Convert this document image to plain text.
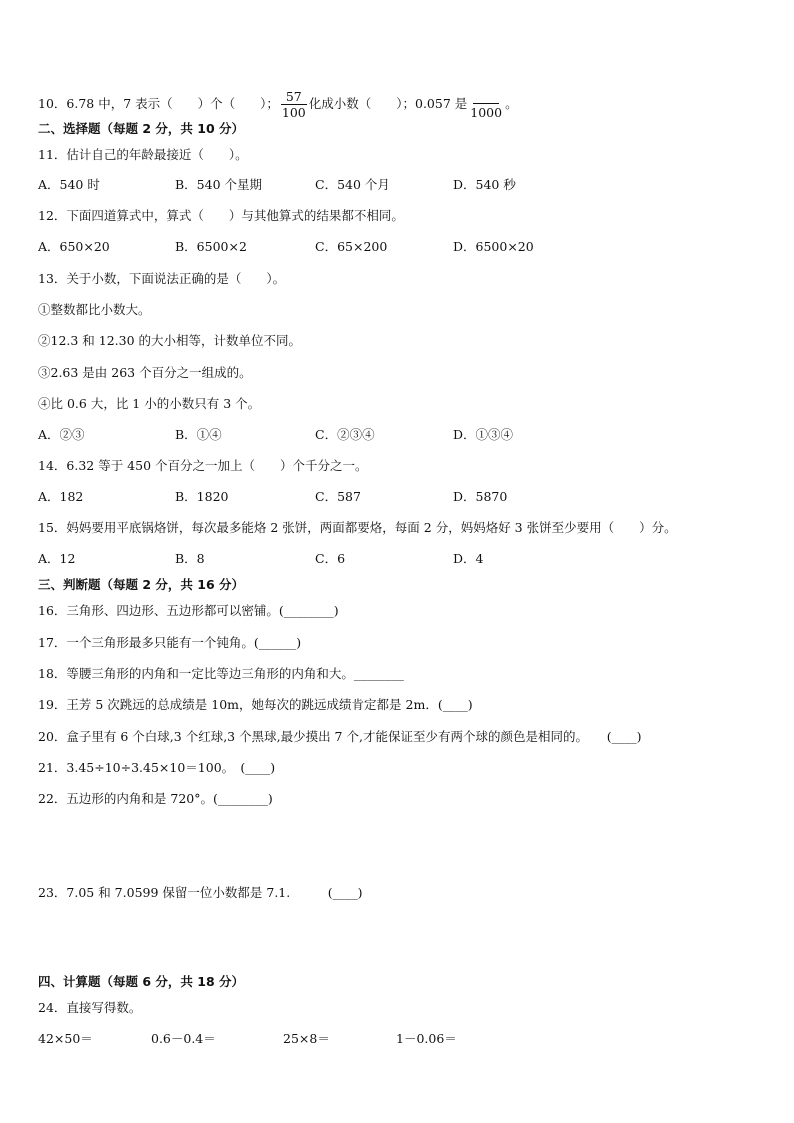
10．6.78 中，7 表示（　　）个（　　）； $\frac{57}{100}$ 化成小数（　　）；0.057 是
1000
。
二、选择题（每题 2 分，共 10 分）
11．估计自己的年龄最接近（　　）。
A．540 时	B．540 个星期	C．540 个月	D．540 秒
12．下面四道算式中，算式（　　）与其他算式的结果都不相同。
A．650×20	B．6500×2	C．65×200	D．6500×20
13．关于小数，下面说法正确的是（　　）。
①整数都比小数大。
②12.3 和 12.30 的大小相等，计数单位不同。
③2.63 是由 263 个百分之一组成的。
④比 0.6 大，比 1 小的小数只有 3 个。
A．②③	B．①④	C．②③④	D．①③④
14．6.32 等于 450 个百分之一加上（　　）个千分之一。
A．182	B．1820	C．587	D．5870
15．妈妈要用平底锅烙饼，每次最多能烙 2 张饼，两面都要烙，每面 2 分，妈妈烙好 3 张饼至少要用（　　）分。
A．12	B．8	C．6	D．4
三、判断题（每题 2 分，共 16 分）
16．三角形、四边形、五边形都可以密铺。(________)
17．一个三角形最多只能有一个钝角。(______)
18．等腰三角形的内角和一定比等边三角形的内角和大。________
19．王芳 5 次跳远的总成绩是 10m，她每次的跳远成绩肯定都是 2m．(____)
20．盒子里有 6 个白球,3 个红球,3 个黑球,最少摸出 7 个,才能保证至少有两个球的颜色是相同的。　　(____)
21．3.45÷10÷3.45×10＝100。　(____)
22．五边形的内角和是 720°。(________)
23．7.05 和 7.0599 保留一位小数都是 7.1.　　　(____)
四、计算题（每题 6 分，共 18 分）
24．直接写得数。
42×50＝	0.6－0.4＝	25×8＝	1－0.06＝
